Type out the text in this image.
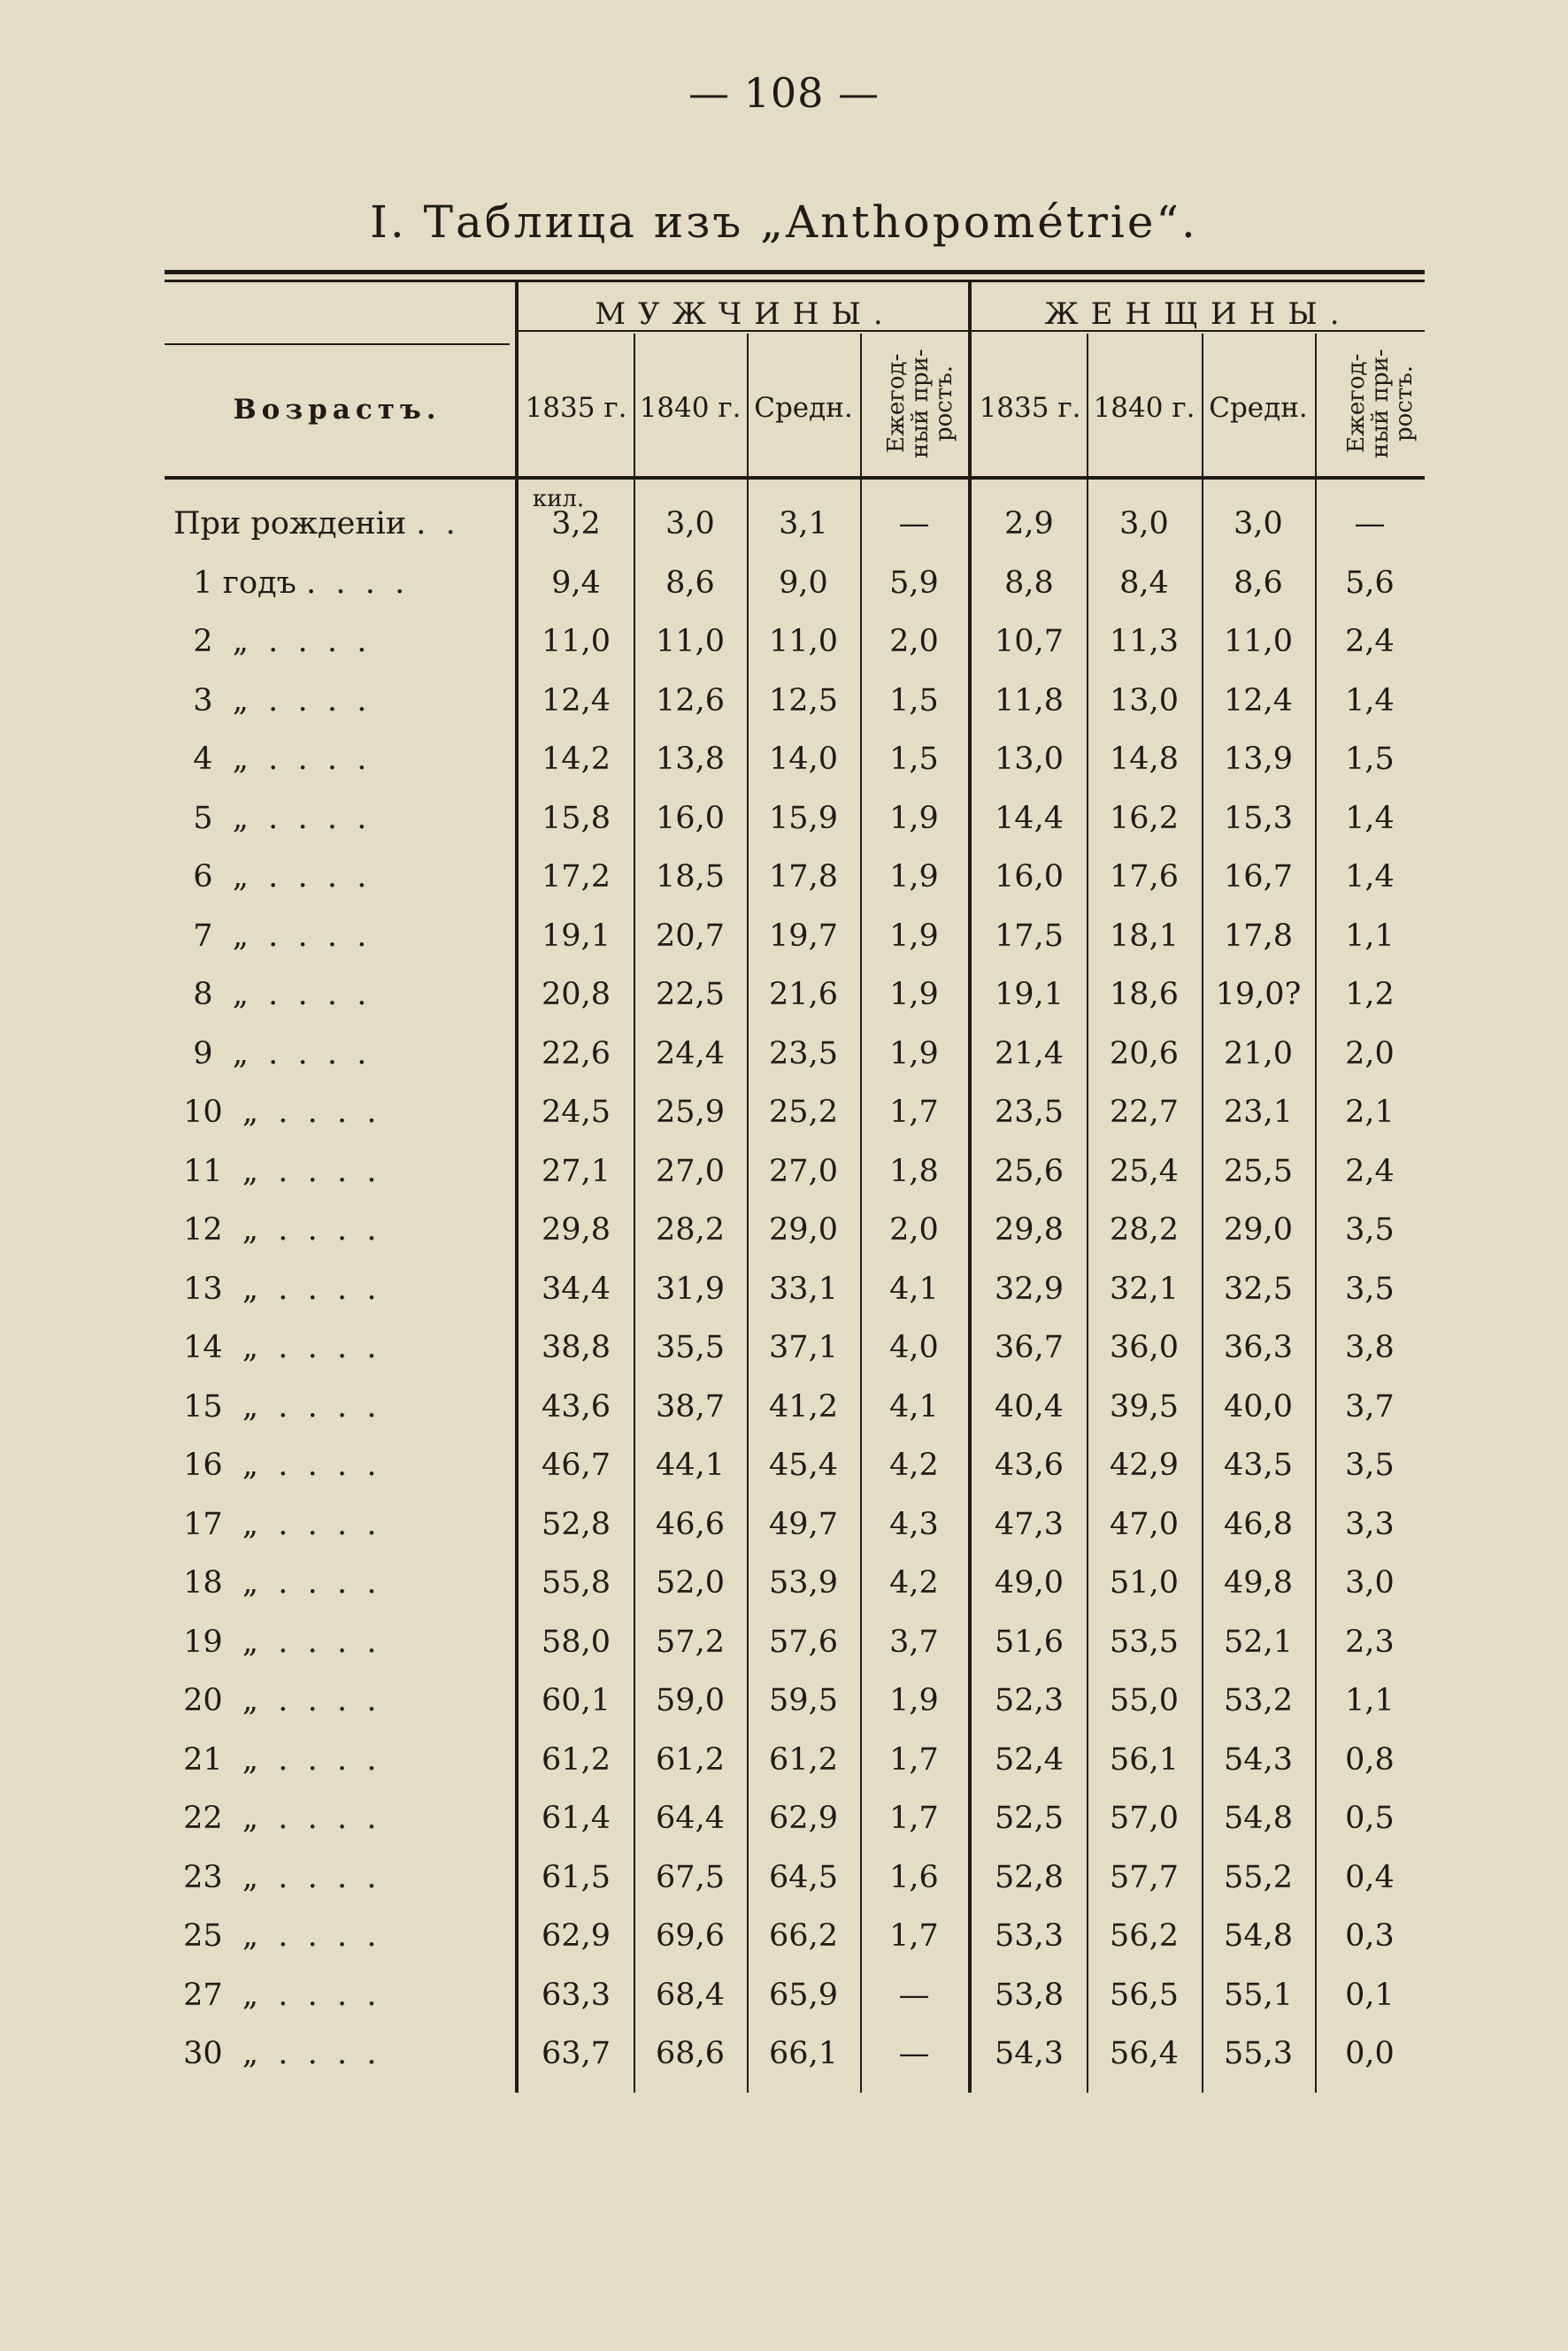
— 108 —
I. Таблица изъ „Anthopométrie“.
МУЖЧИНЫ.	ЖЕНЩИНЫ.
Возрастъ.	1835 г. 1840 г. Средн.	Ежегод-
ный при-
ростъ. 1835 г. 1840 г. Средн.	Ежегод-
ный при-
ростъ.
кил.
При рожденіи .  .	3,2	3,0	3,1	—	2,9	3,0	3,0	—
1 годъ .  .  .  .	9,4	8,6	9,0	5,9	8,8	8,4	8,6	5,6
2  „  .  .  .  .	11,0	11,0	11,0	2,0	10,7	11,3	11,0	2,4
3  „  .  .  .  .	12,4	12,6	12,5	1,5	11,8	13,0	12,4	1,4
4  „  .  .  .  .	14,2	13,8	14,0	1,5	13,0	14,8	13,9	1,5
5  „  .  .  .  .	15,8	16,0	15,9	1,9	14,4	16,2	15,3	1,4
6  „  .  .  .  .	17,2	18,5	17,8	1,9	16,0	17,6	16,7	1,4
7  „  .  .  .  .	19,1	20,7	19,7	1,9	17,5	18,1	17,8	1,1
8  „  .  .  .  .	20,8	22,5	21,6	1,9	19,1	18,6	19,0?	1,2
9  „  .  .  .  .	22,6	24,4	23,5	1,9	21,4	20,6	21,0	2,0
10  „  .  .  .  .	24,5	25,9	25,2	1,7	23,5	22,7	23,1	2,1
11  „  .  .  .  .	27,1	27,0	27,0	1,8	25,6	25,4	25,5	2,4
12  „  .  .  .  .	29,8	28,2	29,0	2,0	29,8	28,2	29,0	3,5
13  „  .  .  .  .	34,4	31,9	33,1	4,1	32,9	32,1	32,5	3,5
14  „  .  .  .  .	38,8	35,5	37,1	4,0	36,7	36,0	36,3	3,8
15  „  .  .  .  .	43,6	38,7	41,2	4,1	40,4	39,5	40,0	3,7
16  „  .  .  .  .	46,7	44,1	45,4	4,2	43,6	42,9	43,5	3,5
17  „  .  .  .  .	52,8	46,6	49,7	4,3	47,3	47,0	46,8	3,3
18  „  .  .  .  .	55,8	52,0	53,9	4,2	49,0	51,0	49,8	3,0
19  „  .  .  .  .	58,0	57,2	57,6	3,7	51,6	53,5	52,1	2,3
20  „  .  .  .  .	60,1	59,0	59,5	1,9	52,3	55,0	53,2	1,1
21  „  .  .  .  .	61,2	61,2	61,2	1,7	52,4	56,1	54,3	0,8
22  „  .  .  .  .	61,4	64,4	62,9	1,7	52,5	57,0	54,8	0,5
23  „  .  .  .  .	61,5	67,5	64,5	1,6	52,8	57,7	55,2	0,4
25  „  .  .  .  .	62,9	69,6	66,2	1,7	53,3	56,2	54,8	0,3
27  „  .  .  .  .	63,3	68,4	65,9	—	53,8	56,5	55,1	0,1
30  „  .  .  .  .	63,7	68,6	66,1	—	54,3	56,4	55,3	0,0
